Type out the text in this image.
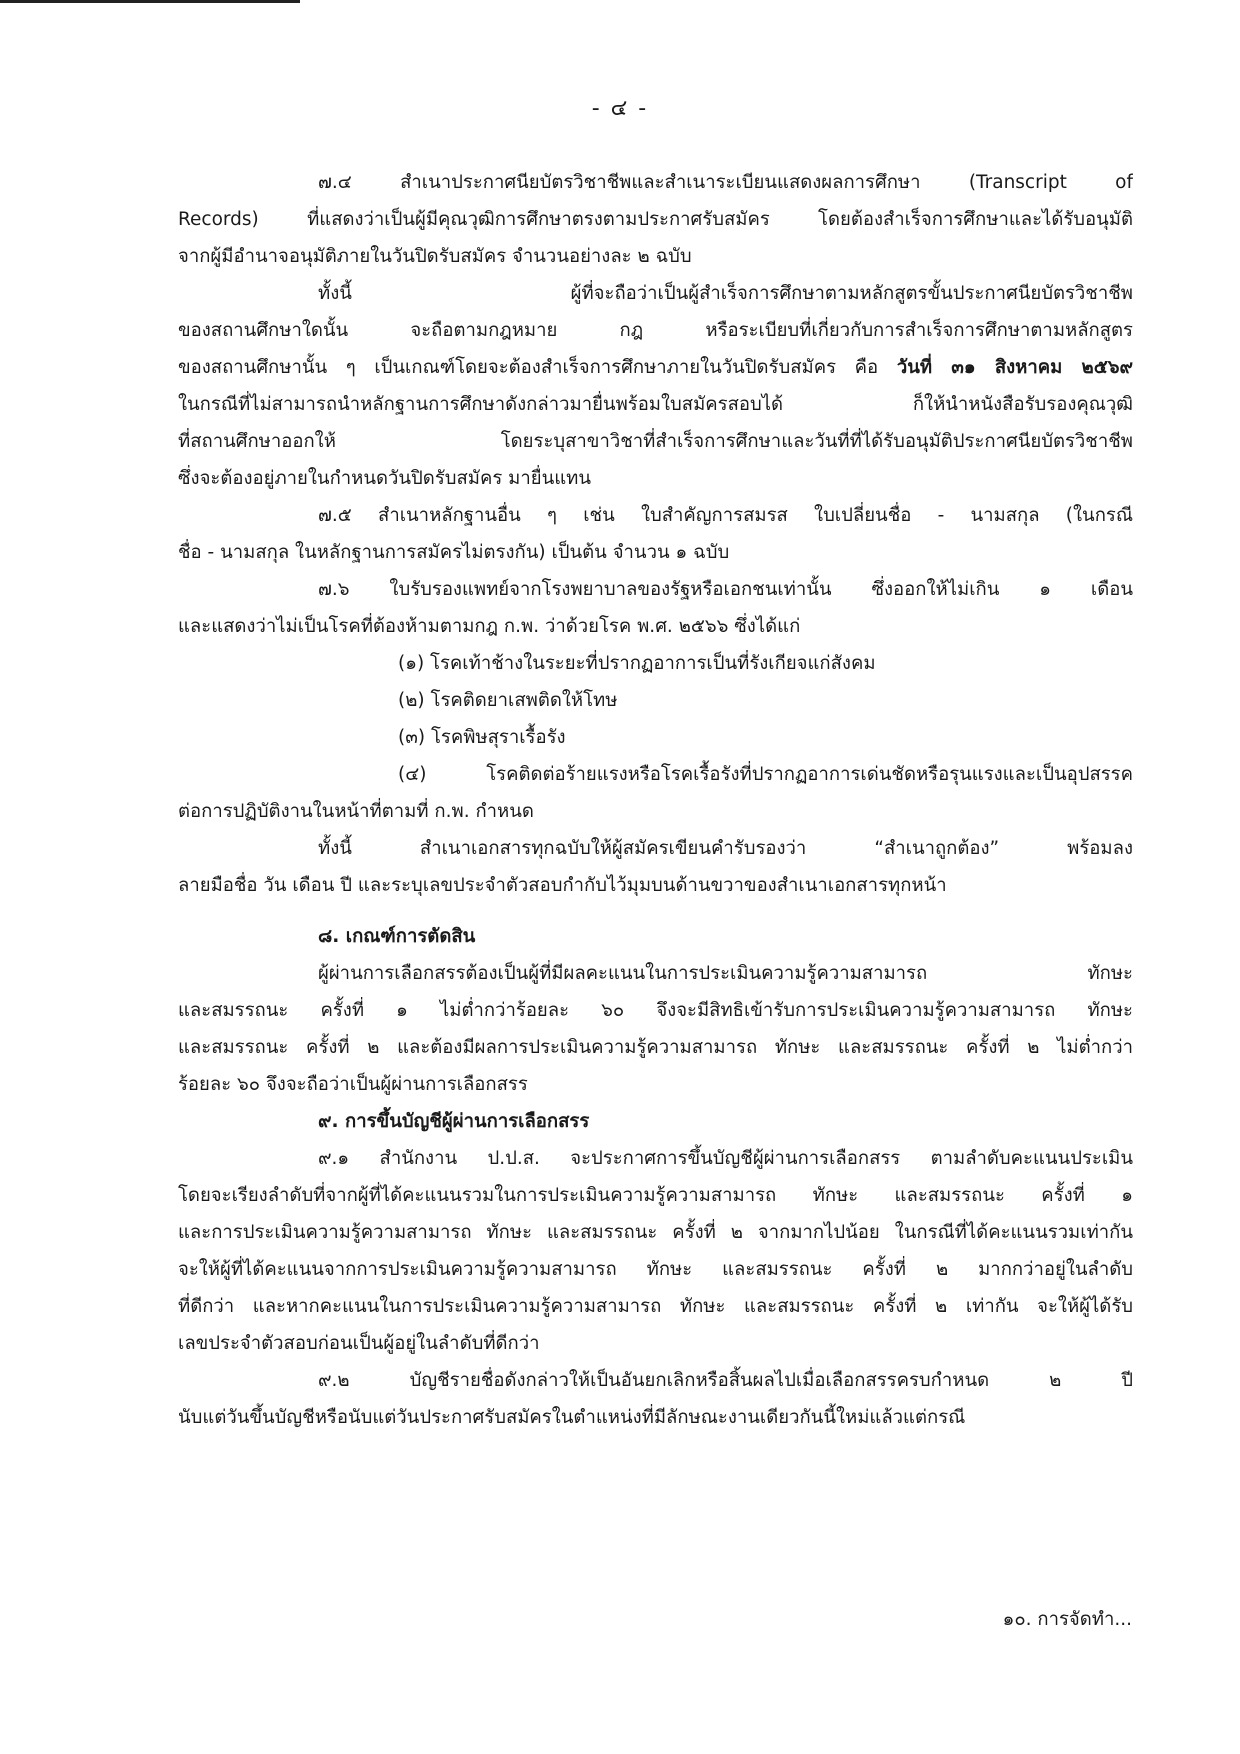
- ๔ -
๗.๔ สำเนาประกาศนียบัตรวิชาชีพและสำเนาระเบียนแสดงผลการศึกษา (Transcript of
Records) ที่แสดงว่าเป็นผู้มีคุณวุฒิการศึกษาตรงตามประกาศรับสมัคร โดยต้องสำเร็จการศึกษาและได้รับอนุมัติ
จากผู้มีอำนาจอนุมัติภายในวันปิดรับสมัคร จำนวนอย่างละ ๒ ฉบับ
ทั้งนี้ ผู้ที่จะถือว่าเป็นผู้สำเร็จการศึกษาตามหลักสูตรขั้นประกาศนียบัตรวิชาชีพ
ของสถานศึกษาใดนั้น จะถือตามกฎหมาย กฎ หรือระเบียบที่เกี่ยวกับการสำเร็จการศึกษาตามหลักสูตร
ของสถานศึกษานั้น ๆ เป็นเกณฑ์โดยจะต้องสำเร็จการศึกษาภายในวันปิดรับสมัคร คือ วันที่ ๓๑ สิงหาคม ๒๕๖๙
ในกรณีที่ไม่สามารถนำหลักฐานการศึกษาดังกล่าวมายื่นพร้อมใบสมัครสอบได้ ก็ให้นำหนังสือรับรองคุณวุฒิ
ที่สถานศึกษาออกให้ โดยระบุสาขาวิชาที่สำเร็จการศึกษาและวันที่ที่ได้รับอนุมัติประกาศนียบัตรวิชาชีพ
ซึ่งจะต้องอยู่ภายในกำหนดวันปิดรับสมัคร มายื่นแทน
๗.๕ สำเนาหลักฐานอื่น ๆ เช่น ใบสำคัญการสมรส ใบเปลี่ยนชื่อ - นามสกุล (ในกรณี
ชื่อ - นามสกุล ในหลักฐานการสมัครไม่ตรงกัน) เป็นต้น จำนวน ๑ ฉบับ
๗.๖ ใบรับรองแพทย์จากโรงพยาบาลของรัฐหรือเอกชนเท่านั้น ซึ่งออกให้ไม่เกิน ๑ เดือน
และแสดงว่าไม่เป็นโรคที่ต้องห้ามตามกฎ ก.พ. ว่าด้วยโรค พ.ศ. ๒๕๖๖ ซึ่งได้แก่
(๑) โรคเท้าช้างในระยะที่ปรากฏอาการเป็นที่รังเกียจแก่สังคม
(๒) โรคติดยาเสพติดให้โทษ
(๓) โรคพิษสุราเรื้อรัง
(๔) โรคติดต่อร้ายแรงหรือโรคเรื้อรังที่ปรากฏอาการเด่นชัดหรือรุนแรงและเป็นอุปสรรค
ต่อการปฏิบัติงานในหน้าที่ตามที่ ก.พ. กำหนด
ทั้งนี้ สำเนาเอกสารทุกฉบับให้ผู้สมัครเขียนคำรับรองว่า “สำเนาถูกต้อง” พร้อมลง
ลายมือชื่อ วัน เดือน ปี และระบุเลขประจำตัวสอบกำกับไว้มุมบนด้านขวาของสำเนาเอกสารทุกหน้า
๘. เกณฑ์การตัดสิน
ผู้ผ่านการเลือกสรรต้องเป็นผู้ที่มีผลคะแนนในการประเมินความรู้ความสามารถ ทักษะ
และสมรรถนะ ครั้งที่ ๑ ไม่ต่ำกว่าร้อยละ ๖๐ จึงจะมีสิทธิเข้ารับการประเมินความรู้ความสามารถ ทักษะ
และสมรรถนะ ครั้งที่ ๒ และต้องมีผลการประเมินความรู้ความสามารถ ทักษะ และสมรรถนะ ครั้งที่ ๒ ไม่ต่ำกว่า
ร้อยละ ๖๐ จึงจะถือว่าเป็นผู้ผ่านการเลือกสรร
๙. การขึ้นบัญชีผู้ผ่านการเลือกสรร
๙.๑ สำนักงาน ป.ป.ส. จะประกาศการขึ้นบัญชีผู้ผ่านการเลือกสรร ตามลำดับคะแนนประเมิน
โดยจะเรียงลำดับที่จากผู้ที่ได้คะแนนรวมในการประเมินความรู้ความสามารถ ทักษะ และสมรรถนะ ครั้งที่ ๑
และการประเมินความรู้ความสามารถ ทักษะ และสมรรถนะ ครั้งที่ ๒ จากมากไปน้อย ในกรณีที่ได้คะแนนรวมเท่ากัน
จะให้ผู้ที่ได้คะแนนจากการประเมินความรู้ความสามารถ ทักษะ และสมรรถนะ ครั้งที่ ๒ มากกว่าอยู่ในลำดับ
ที่ดีกว่า และหากคะแนนในการประเมินความรู้ความสามารถ ทักษะ และสมรรถนะ ครั้งที่ ๒ เท่ากัน จะให้ผู้ได้รับ
เลขประจำตัวสอบก่อนเป็นผู้อยู่ในลำดับที่ดีกว่า
๙.๒ บัญชีรายชื่อดังกล่าวให้เป็นอันยกเลิกหรือสิ้นผลไปเมื่อเลือกสรรครบกำหนด ๒ ปี
นับแต่วันขึ้นบัญชีหรือนับแต่วันประกาศรับสมัครในตำแหน่งที่มีลักษณะงานเดียวกันนี้ใหม่แล้วแต่กรณี
๑๐. การจัดทำ...
